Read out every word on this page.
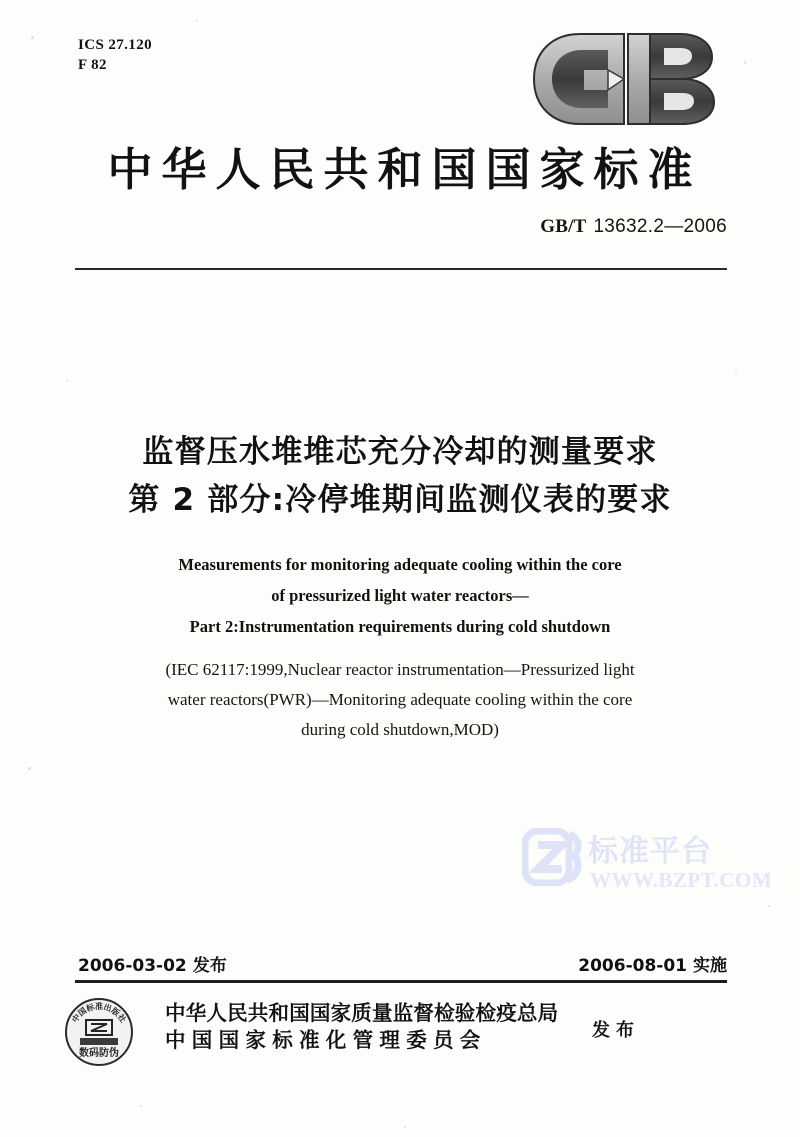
ICS 27.120
F 82
中华人民共和国国家标准
GB/T 13632.2—2006
监督压水堆堆芯充分冷却的测量要求
第 2 部分:冷停堆期间监测仪表的要求
Measurements for monitoring adequate cooling within the core
of pressurized light water reactors—
Part 2:Instrumentation requirements during cold shutdown
(IEC 62117:1999,Nuclear reactor instrumentation—Pressurized light
water reactors(PWR)—Monitoring adequate cooling within the core
during cold shutdown,MOD)
标准平台
WWW.BZPT.COM
2006-03-02 发布	2006-08-01 实施
中国标准出版社
数码防伪
中华人民共和国国家质量监督检验检疫总局
中国国家标准化管理委员会	发布
